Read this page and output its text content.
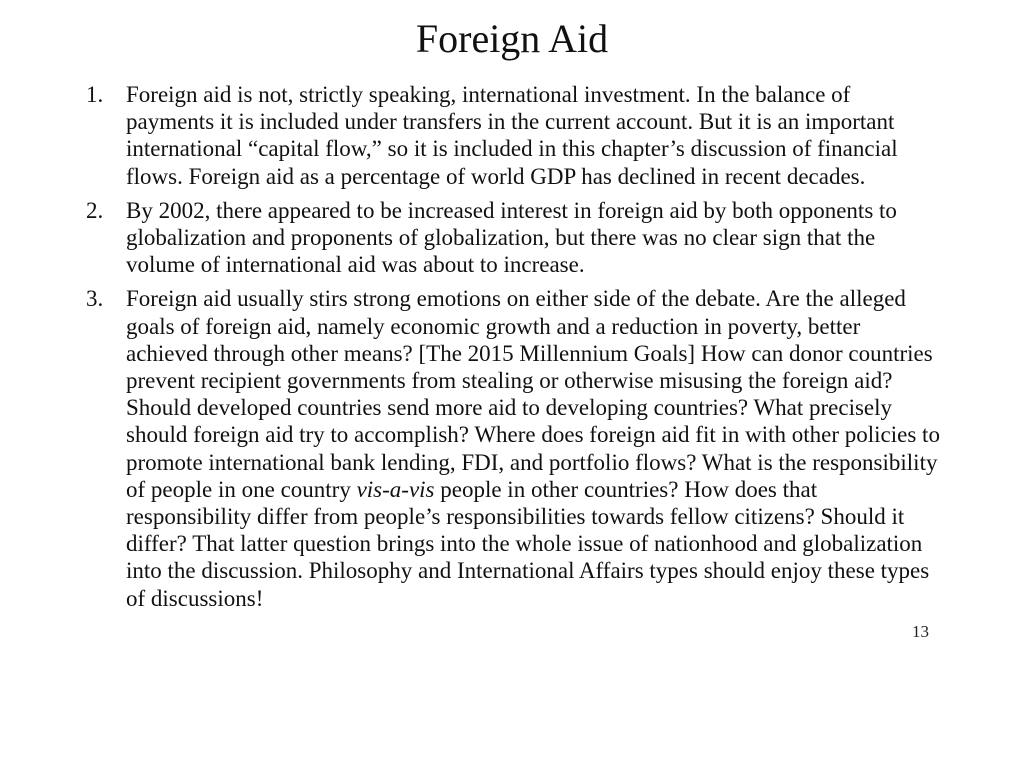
Foreign Aid
1. Foreign aid is not, strictly speaking, international investment. In the balance of payments it is included under transfers in the current account. But it is an important international “capital flow,” so it is included in this chapter’s discussion of financial flows. Foreign aid as a percentage of world GDP has declined in recent decades.
2. By 2002, there appeared to be increased interest in foreign aid by both opponents to globalization and proponents of globalization, but there was no clear sign that the volume of international aid was about to increase.
3. Foreign aid usually stirs strong emotions on either side of the debate. Are the alleged goals of foreign aid, namely economic growth and a reduction in poverty, better achieved through other means? [The 2015 Millennium Goals] How can donor countries prevent recipient governments from stealing or otherwise misusing the foreign aid? Should developed countries send more aid to developing countries? What precisely should foreign aid try to accomplish? Where does foreign aid fit in with other policies to promote international bank lending, FDI, and portfolio flows? What is the responsibility of people in one country vis-a-vis people in other countries? How does that responsibility differ from people’s responsibilities towards fellow citizens? Should it differ? That latter question brings into the whole issue of nationhood and globalization into the discussion. Philosophy and International Affairs types should enjoy these types of discussions!
13
